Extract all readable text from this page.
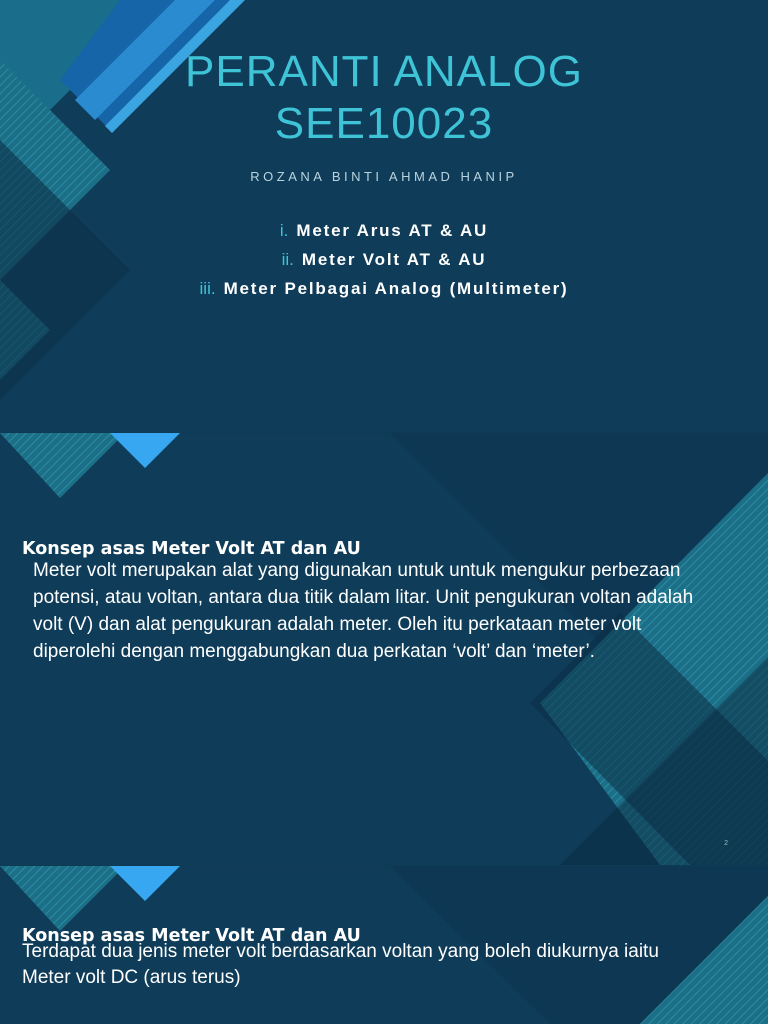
PERANTI ANALOG
SEE10023
ROZANA BINTI AHMAD HANIP
i. Meter Arus AT & AU
ii. Meter Volt AT & AU
iii. Meter Pelbagai Analog (Multimeter)
Konsep asas Meter Volt AT dan AU
Meter volt merupakan alat yang digunakan untuk untuk mengukur perbezaan potensi, atau voltan, antara dua titik dalam litar. Unit pengukuran voltan adalah volt (V) dan alat pengukuran adalah meter. Oleh itu perkataan meter volt diperolehi dengan menggabungkan dua perkatan ‘volt’ dan ‘meter’.
2
Konsep asas Meter Volt AT dan AU
Terdapat dua jenis meter volt berdasarkan voltan yang boleh diukurnya iaitu
Meter volt DC (arus terus)
